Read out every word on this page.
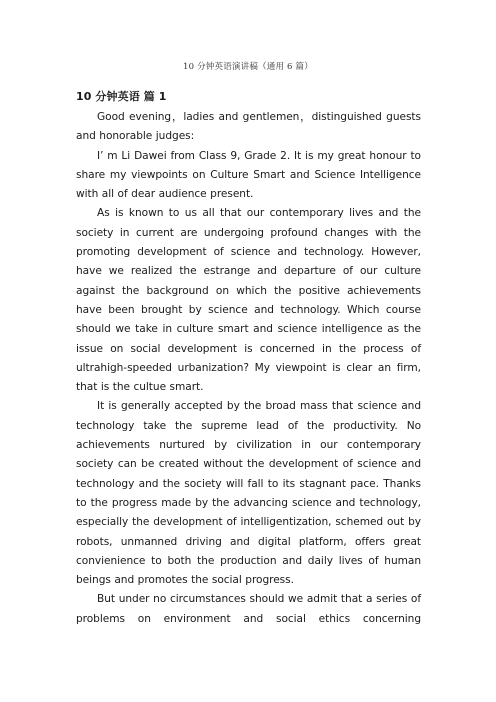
10 分钟英语演讲稿（通用 6 篇）
10 分钟英语 篇 1

Good evening，ladies and gentlemen，distinguished guests and honorable judges:

I’ m Li Dawei from Class 9, Grade 2. It is my great honour to share my viewpoints on Culture Smart and Science Intelligence with all of dear audience present.

As is known to us all that our contemporary lives and the society in current are undergoing profound changes with the promoting development of science and technology. However, have we realized the estrange and departure of our culture against the background on which the positive achievements have been brought by science and technology. Which course should we take in culture smart and science intelligence as the issue on social development is concerned in the process of ultrahigh-speeded urbanization? My viewpoint is clear an firm, that is the cultue smart.

It is generally accepted by the broad mass that science and technology take the supreme lead of the productivity. No achievements nurtured by civilization in our contemporary society can be created without the development of science and technology and the society will fall to its stagnant pace. Thanks to the progress made by the advancing science and technology, especially the development of intelligentization, schemed out by robots, unmanned driving and digital platform, offers great convienience to both the production and daily lives of human beings and promotes the social progress.

But under no circumstances should we admit that a series of problems on environment and social ethics concerning
